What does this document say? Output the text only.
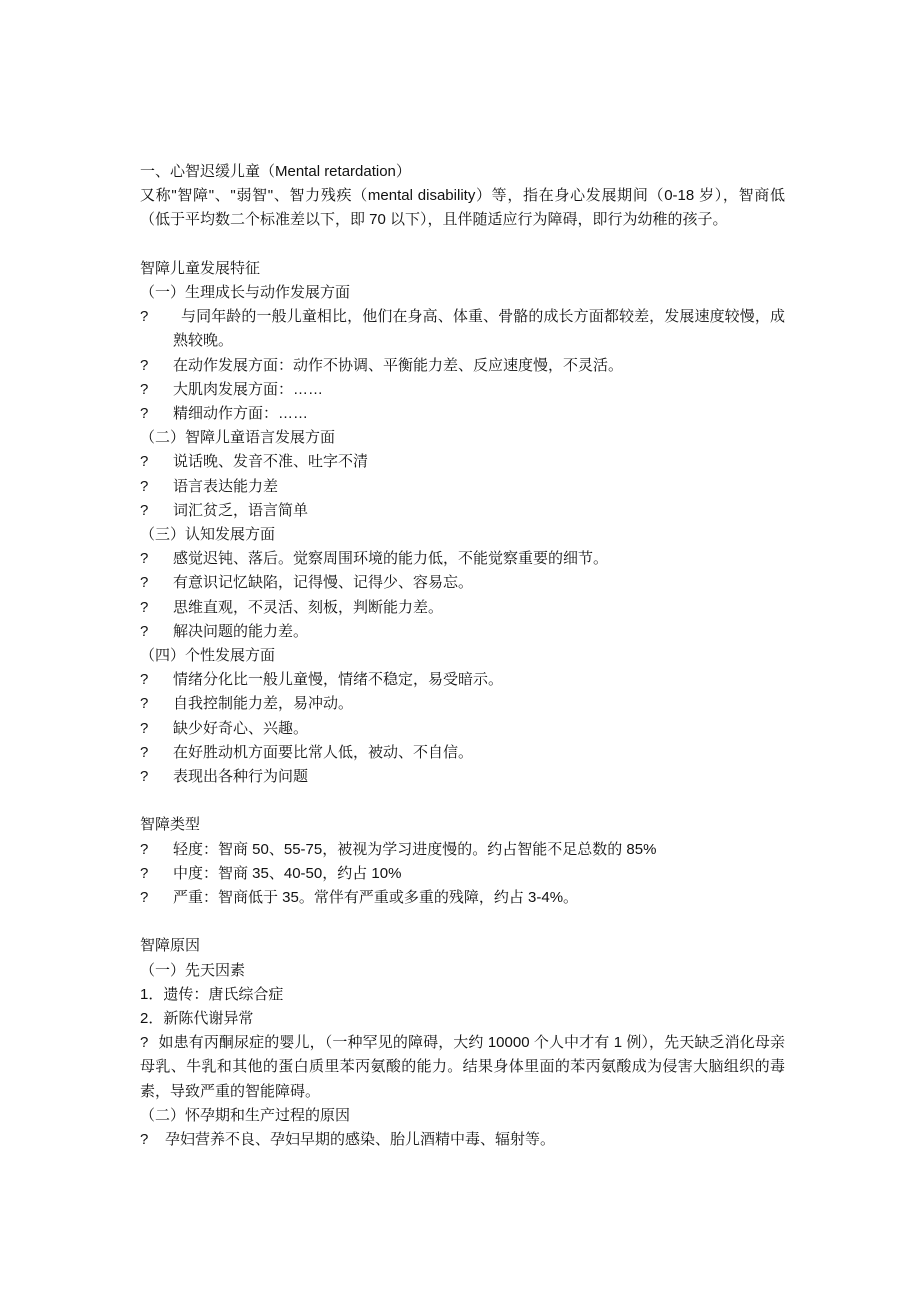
一、心智迟缓儿童（Mental retardation）
又称"智障"、"弱智"、智力残疾（mental disability）等，指在身心发展期间（0-18 岁），智商低（低于平均数二个标准差以下，即 70 以下），且伴随适应行为障碍，即行为幼稚的孩子。
智障儿童发展特征
（一）生理成长与动作发展方面
?	与同年龄的一般儿童相比，他们在身高、体重、骨骼的成长方面都较差，发展速度较慢，成熟较晚。
?	在动作发展方面：动作不协调、平衡能力差、反应速度慢，不灵活。
?	大肌肉发展方面：……
?	精细动作方面：……
（二）智障儿童语言发展方面
?	说话晚、发音不准、吐字不清
?	语言表达能力差
?	词汇贫乏，语言简单
（三）认知发展方面
?	感觉迟钝、落后。觉察周围环境的能力低，不能觉察重要的细节。
?	有意识记忆缺陷，记得慢、记得少、容易忘。
?	思维直观，不灵活、刻板，判断能力差。
?	解决问题的能力差。
（四）个性发展方面
?	情绪分化比一般儿童慢，情绪不稳定，易受暗示。
?	自我控制能力差，易冲动。
?	缺少好奇心、兴趣。
?	在好胜动机方面要比常人低，被动、不自信。
?	表现出各种行为问题
智障类型
?	轻度：智商 50、55-75，被视为学习进度慢的。约占智能不足总数的 85%
?	中度：智商 35、40-50，约占 10%
?	严重：智商低于 35。常伴有严重或多重的残障，约占 3-4%。
智障原因
（一）先天因素
1．遗传：唐氏综合症
2．新陈代谢异常
? 如患有丙酮尿症的婴儿，（一种罕见的障碍，大约 10000 个人中才有 1 例），先天缺乏消化母亲母乳、牛乳和其他的蛋白质里苯丙氨酸的能力。结果身体里面的苯丙氨酸成为侵害大脑组织的毒素，导致严重的智能障碍。
（二）怀孕期和生产过程的原因
?	孕妇营养不良、孕妇早期的感染、胎儿酒精中毒、辐射等。
